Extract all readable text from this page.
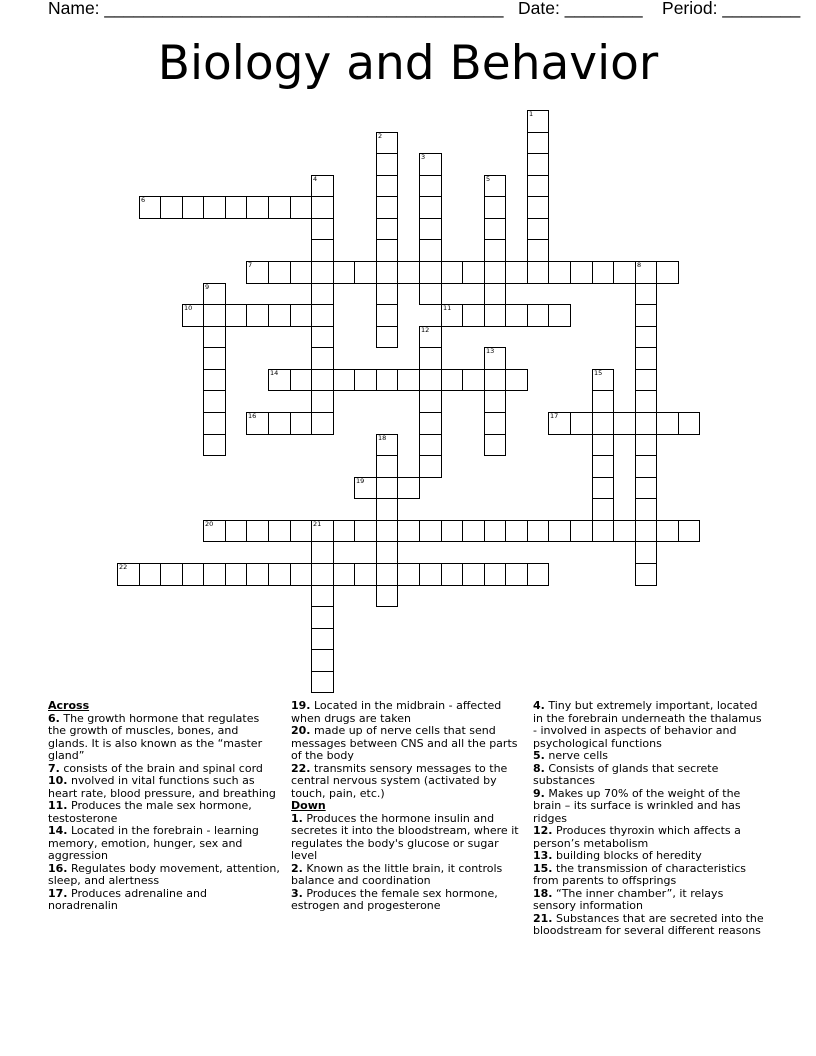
Name: _________________________________________   Date: ________    Period: ________
Biology and Behavior
1
2
3
4	5
6
7	8
9
10	11
12
13
14	15
16	17
18
19
20	21
22

Across

6. The growth hormone that regulates the growth of muscles, bones, and glands. It is also known as the “master gland”

7. consists of the brain and spinal cord

10. nvolved in vital functions such as heart rate, blood pressure, and breathing

11. Produces the male sex hormone, testosterone

14. Located in the forebrain - learning memory, emotion, hunger, sex and aggression

16. Regulates body movement, attention, sleep, and alertness

17. Produces adrenaline and noradrenalin

19. Located in the midbrain - affected when drugs are taken

20. made up of nerve cells that send messages between CNS and all the parts of the body

22. transmits sensory messages to the central nervous system (activated by touch, pain, etc.)

Down

1. Produces the hormone insulin and secretes it into the bloodstream, where it regulates the body's glucose or sugar level

2. Known as the little brain, it controls balance and coordination

3. Produces the female sex hormone, estrogen and progesterone

4. Tiny but extremely important, located in the forebrain underneath the thalamus - involved in aspects of behavior and psychological functions

5. nerve cells

8. Consists of glands that secrete substances

9. Makes up 70% of the weight of the brain – its surface is wrinkled and has ridges

12. Produces thyroxin which affects a person’s metabolism

13. building blocks of heredity

15. the transmission of characteristics from parents to offsprings

18. “The inner chamber”, it relays sensory information

21. Substances that are secreted into the bloodstream for several different reasons
